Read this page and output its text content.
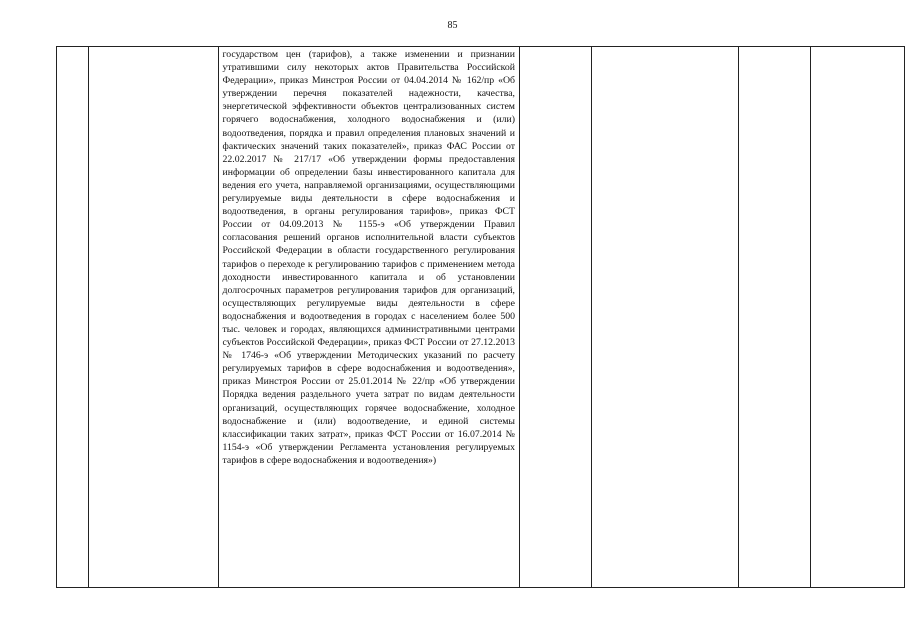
85

государством цен (тарифов), а также изменении и признании утратившими силу некоторых актов Правительства Российской Федерации», приказ Минстроя России от 04.04.2014 № 162/пр «Об утверждении перечня показателей надежности, качества, энергетической эффективности объектов централизованных систем горячего водоснабжения, холодного водоснабжения и (или) водоотведения, порядка и правил определения плановых значений и фактических значений таких показателей», приказ ФАС России от 22.02.2017 № 217/17 «Об утверждении формы предоставления информации об определении базы инвестированного капитала для ведения его учета, направляемой организациями, осуществляющими регулируемые виды деятельности в сфере водоснабжения и водоотведения, в органы регулирования тарифов», приказ ФСТ России от 04.09.2013 № 1155-э «Об утверждении Правил согласования решений органов исполнительной власти субъектов Российской Федерации в области государственного регулирования тарифов о переходе к регулированию тарифов с применением метода доходности инвестированного капитала и об установлении долгосрочных параметров регулирования тарифов для организаций, осуществляющих регулируемые виды деятельности в сфере водоснабжения и водоотведения в городах с населением более 500 тыс. человек и городах, являющихся административными центрами субъектов Российской Федерации», приказ ФСТ России от 27.12.2013 № 1746-э «Об утверждении Методических указаний по расчету регулируемых тарифов в сфере водоснабжения и водоотведения», приказ Минстроя России от 25.01.2014 № 22/пр «Об утверждении Порядка ведения раздельного учета затрат по видам деятельности организаций, осуществляющих горячее водоснабжение, холодное водоснабжение и (или) водоотведение, и единой системы классификации таких затрат», приказ ФСТ России от 16.07.2014 № 1154-э «Об утверждении Регламента установления регулируемых тарифов в сфере водоснабжения и водоотведения»)
